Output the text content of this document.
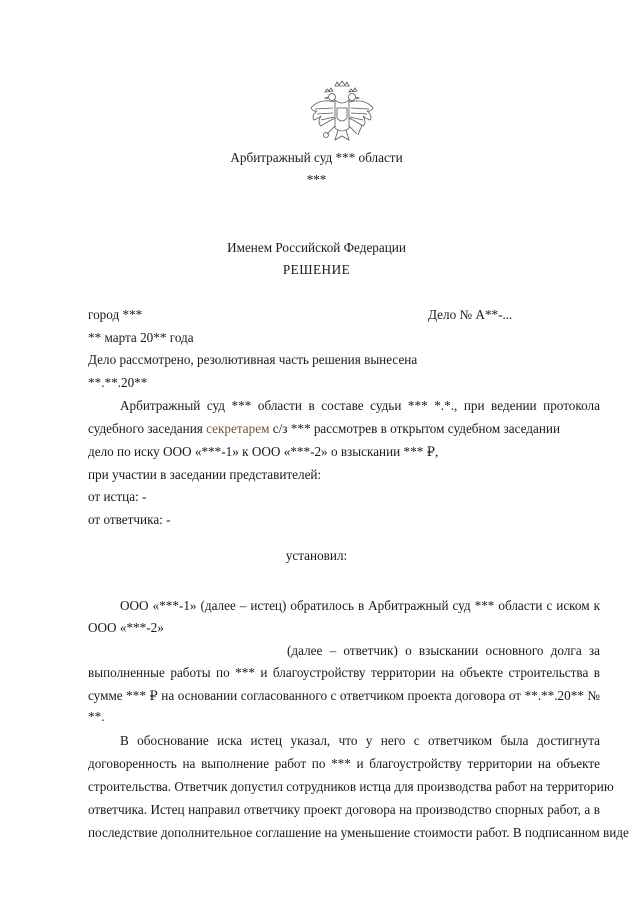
Арбитражный суд *** области
***
Именем Российской Федерации
РЕШЕНИЕ
город ***	Дело № А**-...
** марта 20** года
Дело рассмотрено, резолютивная часть решения вынесена
**.**.20**
Арбитражный суд *** области в составе судьи *** *.*., при ведении протокола
судебного заседания секретарем с/з *** рассмотрев в открытом судебном заседании
дело по иску ООО «***-1» к ООО «***-2» о взыскании *** ₽,
при участии в заседании представителей:
от истца: -
от ответчика: -
установил:
ООО «***-1» (далее – истец) обратилось в Арбитражный суд *** области с иском к
ООО «***-2»
(далее – ответчик) о взыскании основного долга за
выполненные работы по *** и благоустройству территории на объекте строительства в
сумме *** ₽ на основании согласованного с ответчиком проекта договора от **.**.20** №
**.
В обоснование иска истец указал, что у него с ответчиком была достигнута
договоренность на выполнение работ по *** и благоустройству территории на объекте
строительства. Ответчик допустил сотрудников истца для производства работ на территорию
ответчика. Истец направил ответчику проект договора на производство спорных работ, а в
последствие дополнительное соглашение на уменьшение стоимости работ. В подписанном виде
